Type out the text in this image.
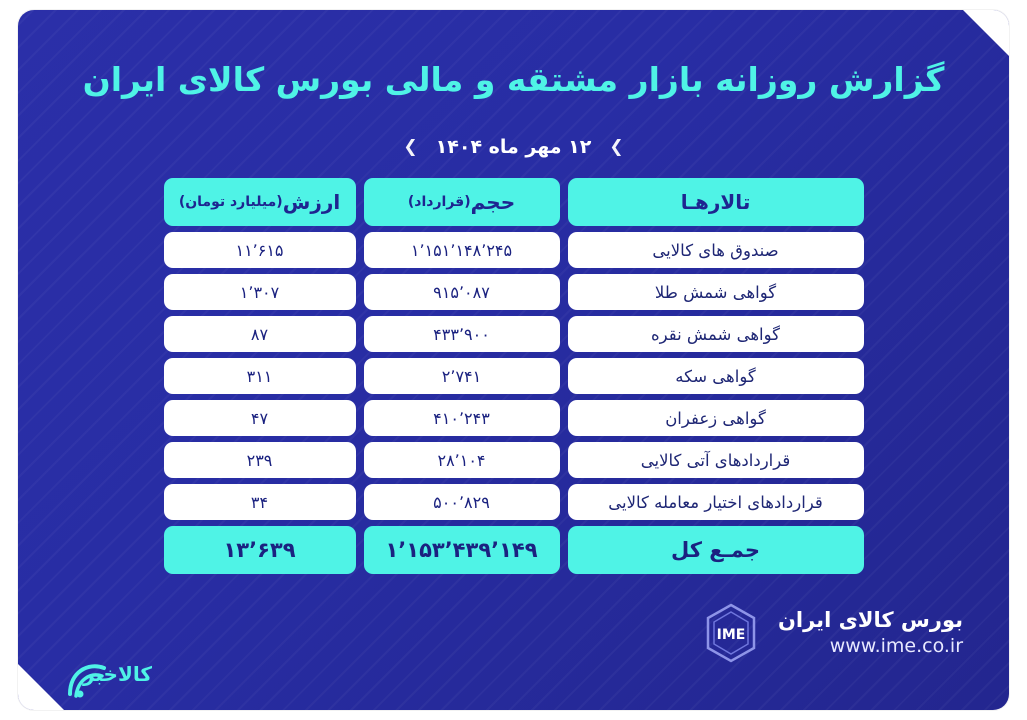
گزارش روزانه بازار مشتقه و مالی بورس کالای ایران
❯
۱۲ مهر ماه ۱۴۰۴
❯
تالارهـا
حجم
(قرارداد)
ارزش
(میلیارد تومان)
صندوق های کالایی
۱٬۱۵۱٬۱۴۸٬۲۴۵
۱۱٬۶۱۵
گواهی شمش طلا
۹۱۵٬۰۸۷
۱٬۳۰۷
گواهی شمش نقره
۴۳۳٬۹۰۰
۸۷
گواهی سکه
۲٬۷۴۱
۳۱۱
گواهی زعفران
۴۱۰٬۲۴۳
۴۷
قراردادهای آتی کالایی
۲۸٬۱۰۴
۲۳۹
قراردادهای اختیار معامله کالایی
۵۰۰٬۸۲۹
۳۴
جمـع کل
۱٬۱۵۳٬۴۳۹٬۱۴۹
۱۳٬۶۳۹
بورس کالای ایران
www.ime.co.ir
IME
کالاخبر
